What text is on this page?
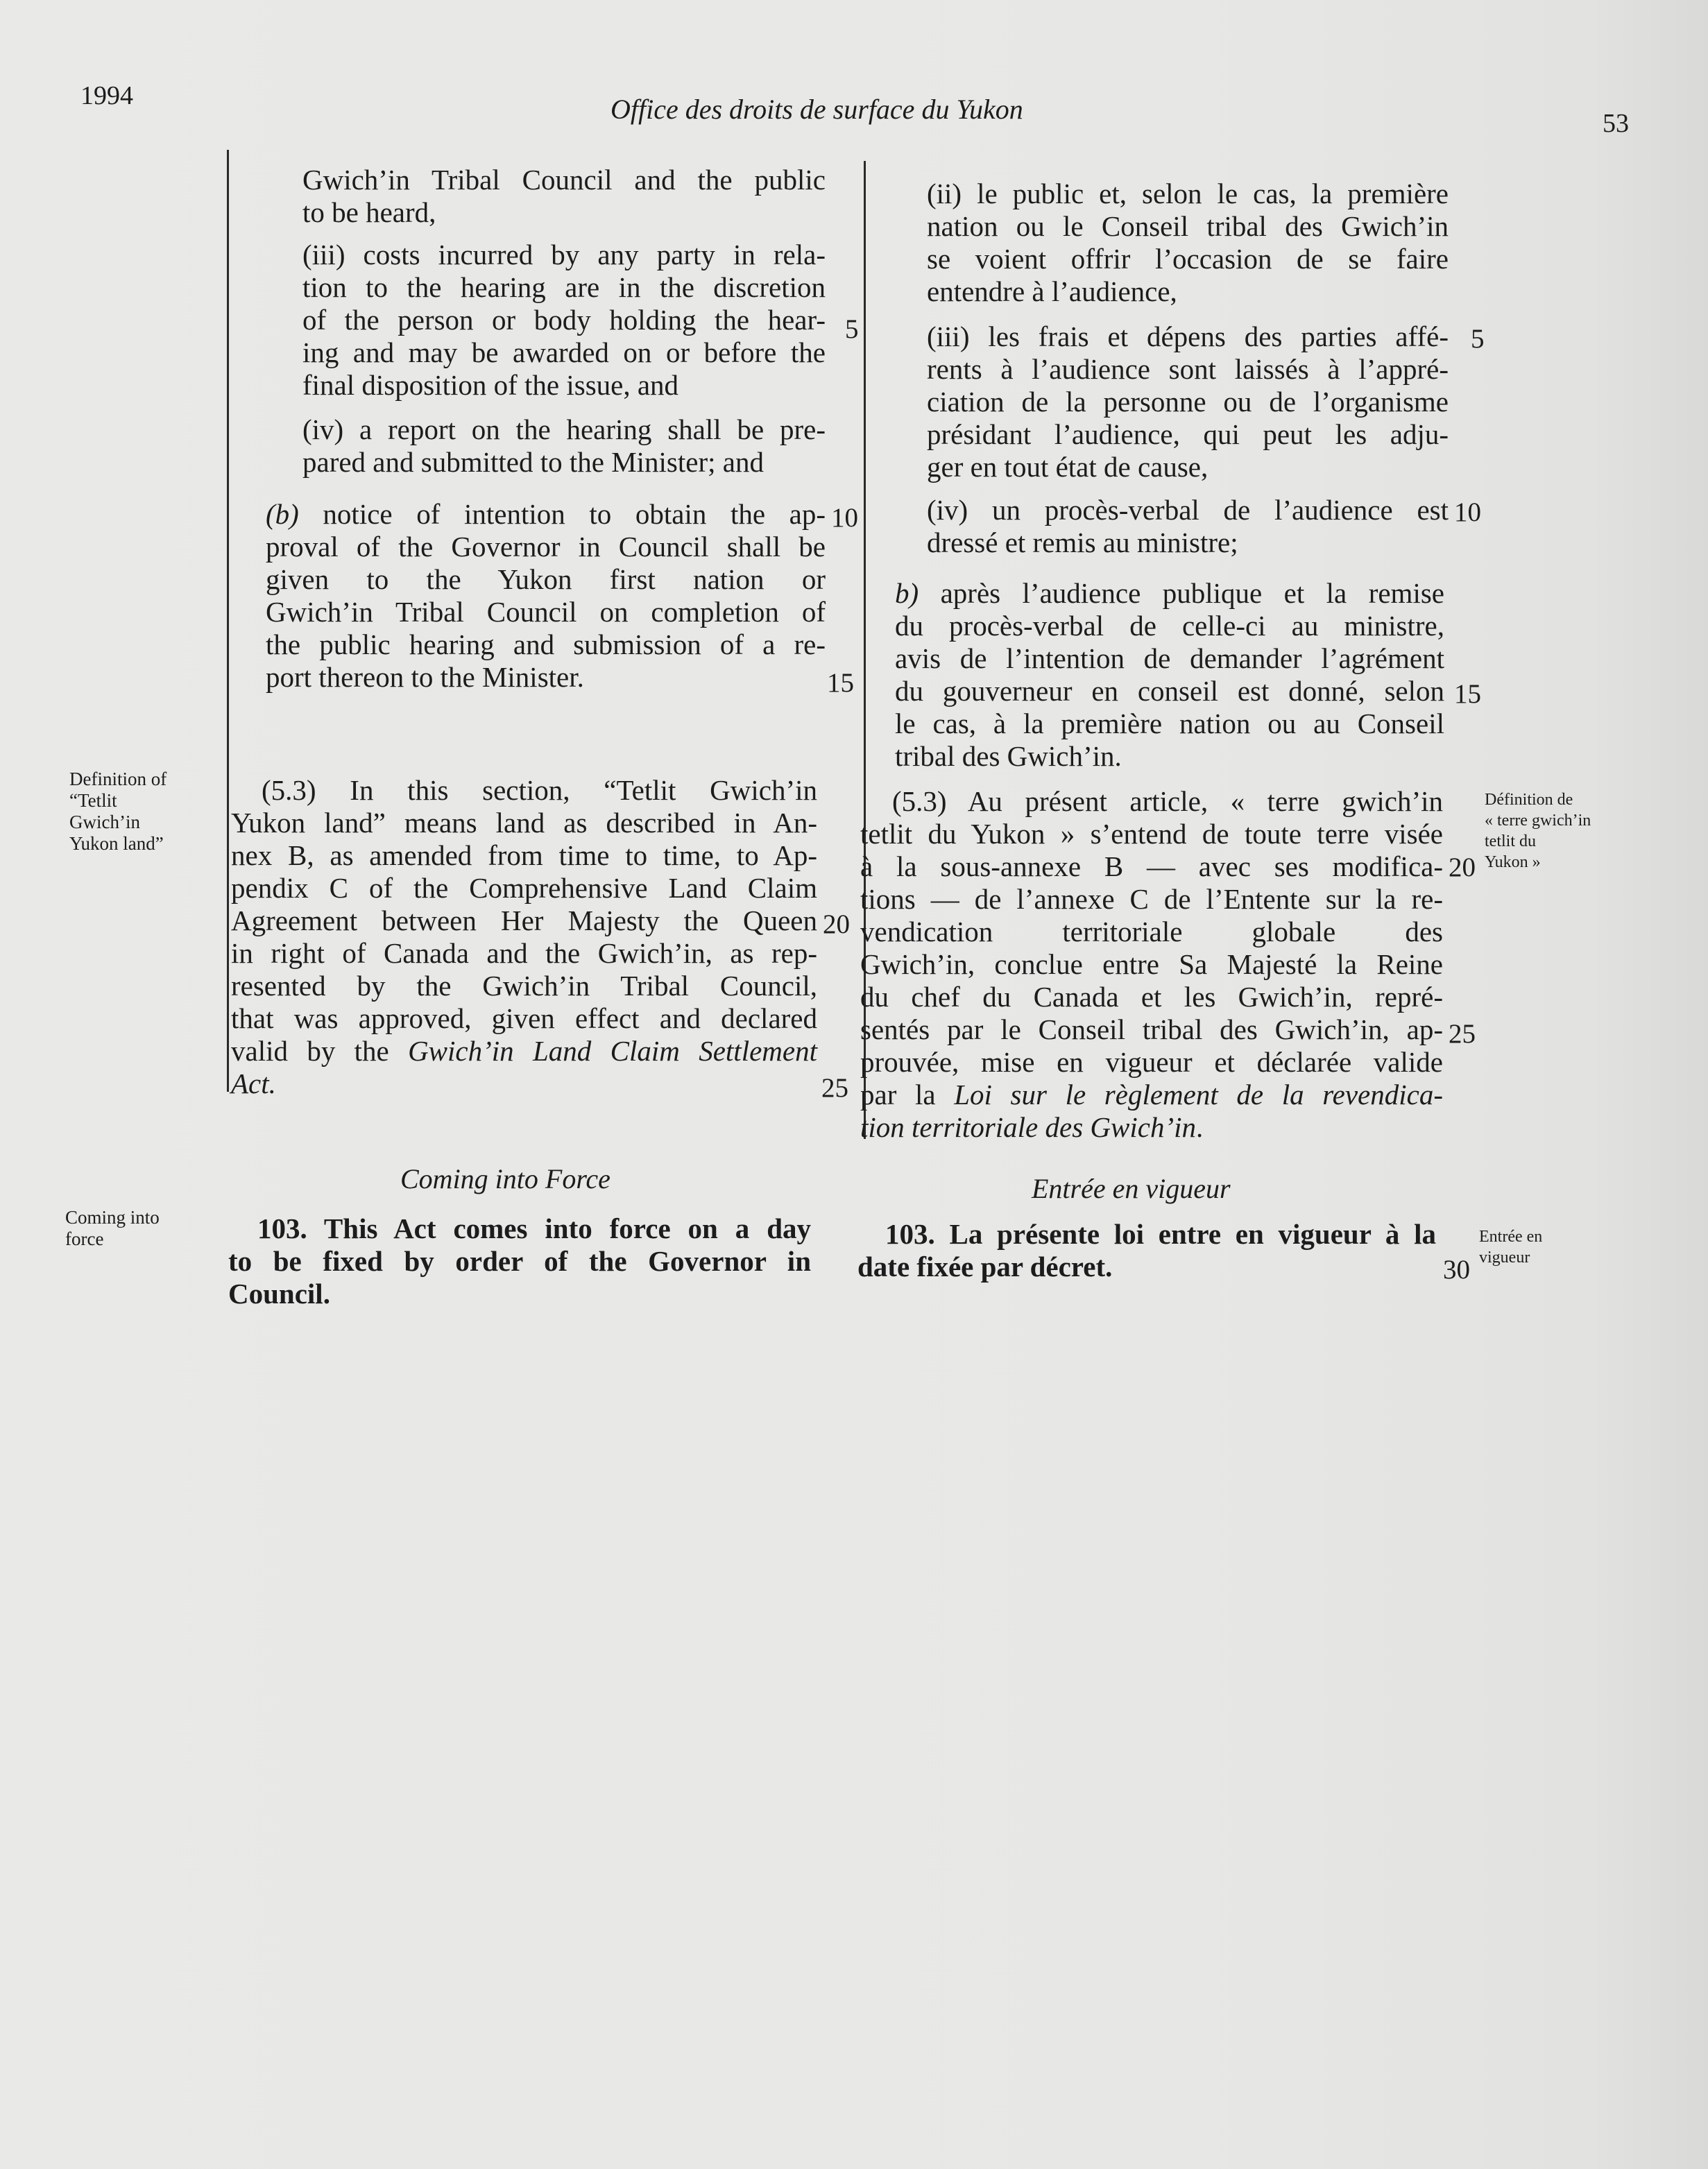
1994	Office des droits de surface du Yukon	53
Gwich’in Tribal Council and the public
to be heard,
(iii) costs incurred by any party in rela-
tion to the hearing are in the discretion
of the person or body holding the hear-
ing and may be awarded on or before the
final disposition of the issue, and
(iv) a report on the hearing shall be pre-
pared and submitted to the Minister; and
(b) notice of intention to obtain the ap-
proval of the Governor in Council shall be
given to the Yukon first nation or
Gwich’in Tribal Council on completion of
the public hearing and submission of a re-
port thereon to the Minister.
(5.3) In this section, “Tetlit Gwich’in
Yukon land” means land as described in An-
nex B, as amended from time to time, to Ap-
pendix C of the Comprehensive Land Claim
Agreement between Her Majesty the Queen
in right of Canada and the Gwich’in, as rep-
resented by the Gwich’in Tribal Council,
that was approved, given effect and declared
valid by the Gwich’in Land Claim Settlement
Act.
Coming into Force
103. This Act comes into force on a day
to be fixed by order of the Governor in
Council.
(ii) le public et, selon le cas, la première
nation ou le Conseil tribal des Gwich’in
se voient offrir l’occasion de se faire
entendre à l’audience,
(iii) les frais et dépens des parties affé-
rents à l’audience sont laissés à l’appré-
ciation de la personne ou de l’organisme
présidant l’audience, qui peut les adju-
ger en tout état de cause,
(iv) un procès-verbal de l’audience est
dressé et remis au ministre;
b) après l’audience publique et la remise
du procès-verbal de celle-ci au ministre,
avis de l’intention de demander l’agrément
du gouverneur en conseil est donné, selon
le cas, à la première nation ou au Conseil
tribal des Gwich’in.
(5.3) Au présent article, « terre gwich’in
tetlit du Yukon » s’entend de toute terre visée
à la sous-annexe B — avec ses modifica-
tions — de l’annexe C de l’Entente sur la re-
vendication territoriale globale des
Gwich’in, conclue entre Sa Majesté la Reine
du chef du Canada et les Gwich’in, repré-
sentés par le Conseil tribal des Gwich’in, ap-
prouvée, mise en vigueur et déclarée valide
par la Loi sur le règlement de la revendica-
tion territoriale des Gwich’in.
Entrée en vigueur
103. La présente loi entre en vigueur à la
date fixée par décret.
5
10
15
20
25
5
10
15
20
25
30
Definition of
“Tetlit
Gwich’in
Yukon land”
Coming into
force
Définition de
« terre gwich’in
tetlit du
Yukon »
Entrée en
vigueur
